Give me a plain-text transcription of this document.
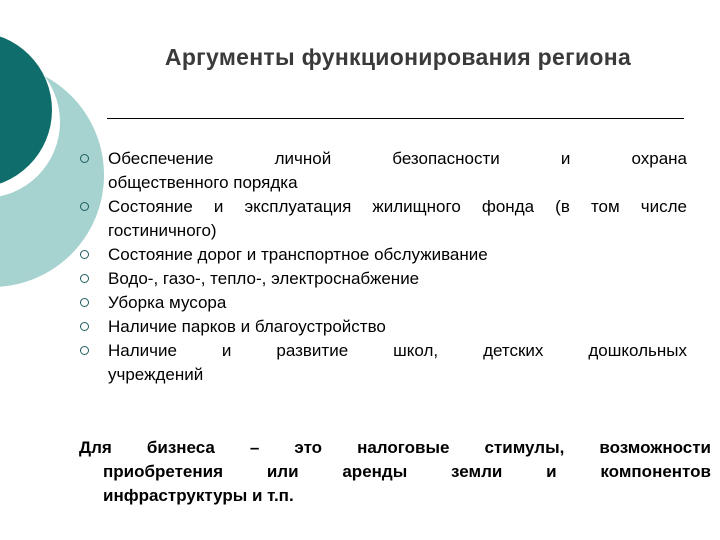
Аргументы функционирования региона
Обеспечение личной безопасности и охрана
общественного порядка
Состояние и эксплуатация жилищного фонда (в том числе
гостиничного)
Состояние дорог и транспортное обслуживание
Водо-, газо-, тепло-, электроснабжение
Уборка мусора
Наличие парков и благоустройство
Наличие и развитие школ, детских дошкольных
учреждений
Для бизнеса – это налоговые стимулы, возможности
приобретения или аренды земли и компонентов
инфраструктуры и т.п.
